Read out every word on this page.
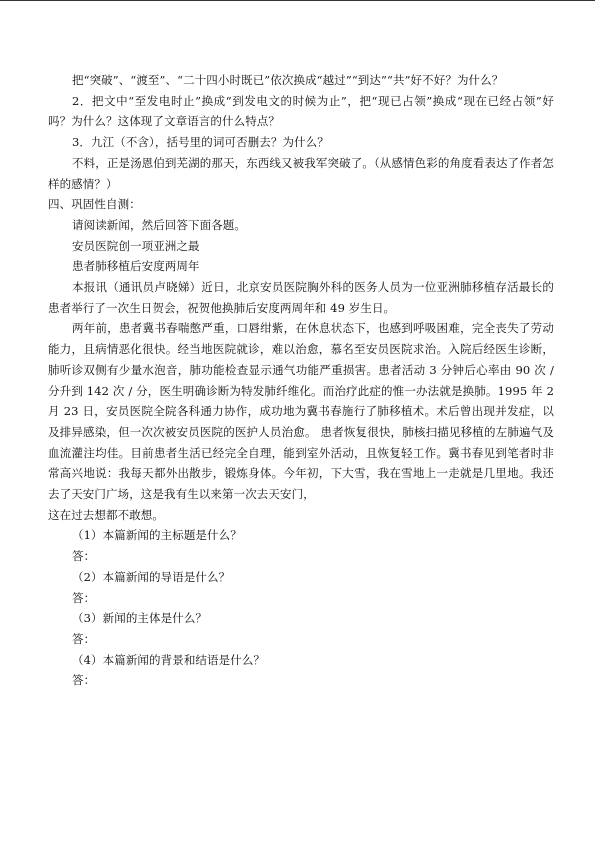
把“突破”、“渡至”、“二十四小时既已”依次换成“越过”“到达”“共”好不好？为什么？

2．把文中“至发电时止”换成“到发电文的时候为止”，把“现已占领”换成“现在已经占领”好吗？为什么？这体现了文章语言的什么特点？

3．九江（不含），括号里的词可否删去？为什么？

不料，正是汤恩伯到芜湖的那天，东西线又被我军突破了。（从感情色彩的角度看表达了作者怎样的感情？）

四、巩固性自测：

请阅读新闻，然后回答下面各题。

安员医院创一项亚洲之最

患者肺移植后安度两周年

本报讯（通讯员卢晓娣）近日，北京安员医院胸外科的医务人员为一位亚洲肺移植存活最长的患者举行了一次生日贺会，祝贺他换肺后安度两周年和 49 岁生日。

两年前，患者冀书春喘憋严重，口唇绀紫，在休息状态下，也感到呼吸困难，完全丧失了劳动能力，且病情恶化很快。经当地医院就诊，难以治愈，慕名至安员医院求治。入院后经医生诊断，肺听诊双侧有少量水泡音，肺功能检查显示通气功能严重损害。患者活动 3 分钟后心率由 90 次 / 分升到 142 次 / 分，医生明确诊断为特发肺纤维化。而治疗此症的惟一办法就是换肺。1995 年 2 月 23 日，安员医院全院各科通力协作，成功地为冀书春施行了肺移植术。术后曾出现并发症，以及排异感染，但一次次被安员医院的医护人员治愈。 患者恢复很快，肺核扫描见移植的左肺遍气及血流灌注均佳。目前患者生活已经完全自理，能到室外活动，且恢复轻工作。冀书春见到笔者时非常高兴地说：我每天都外出散步，锻炼身体。今年初，下大雪，我在雪地上一走就是几里地。我还去了天安门广场，这是我有生以来第一次去天安门，

这在过去想都不敢想。

（1）本篇新闻的主标题是什么？

答：

（2）本篇新闻的导语是什么？

答：

（3）新闻的主体是什么？

答：

（4）本篇新闻的背景和结语是什么？

答：
